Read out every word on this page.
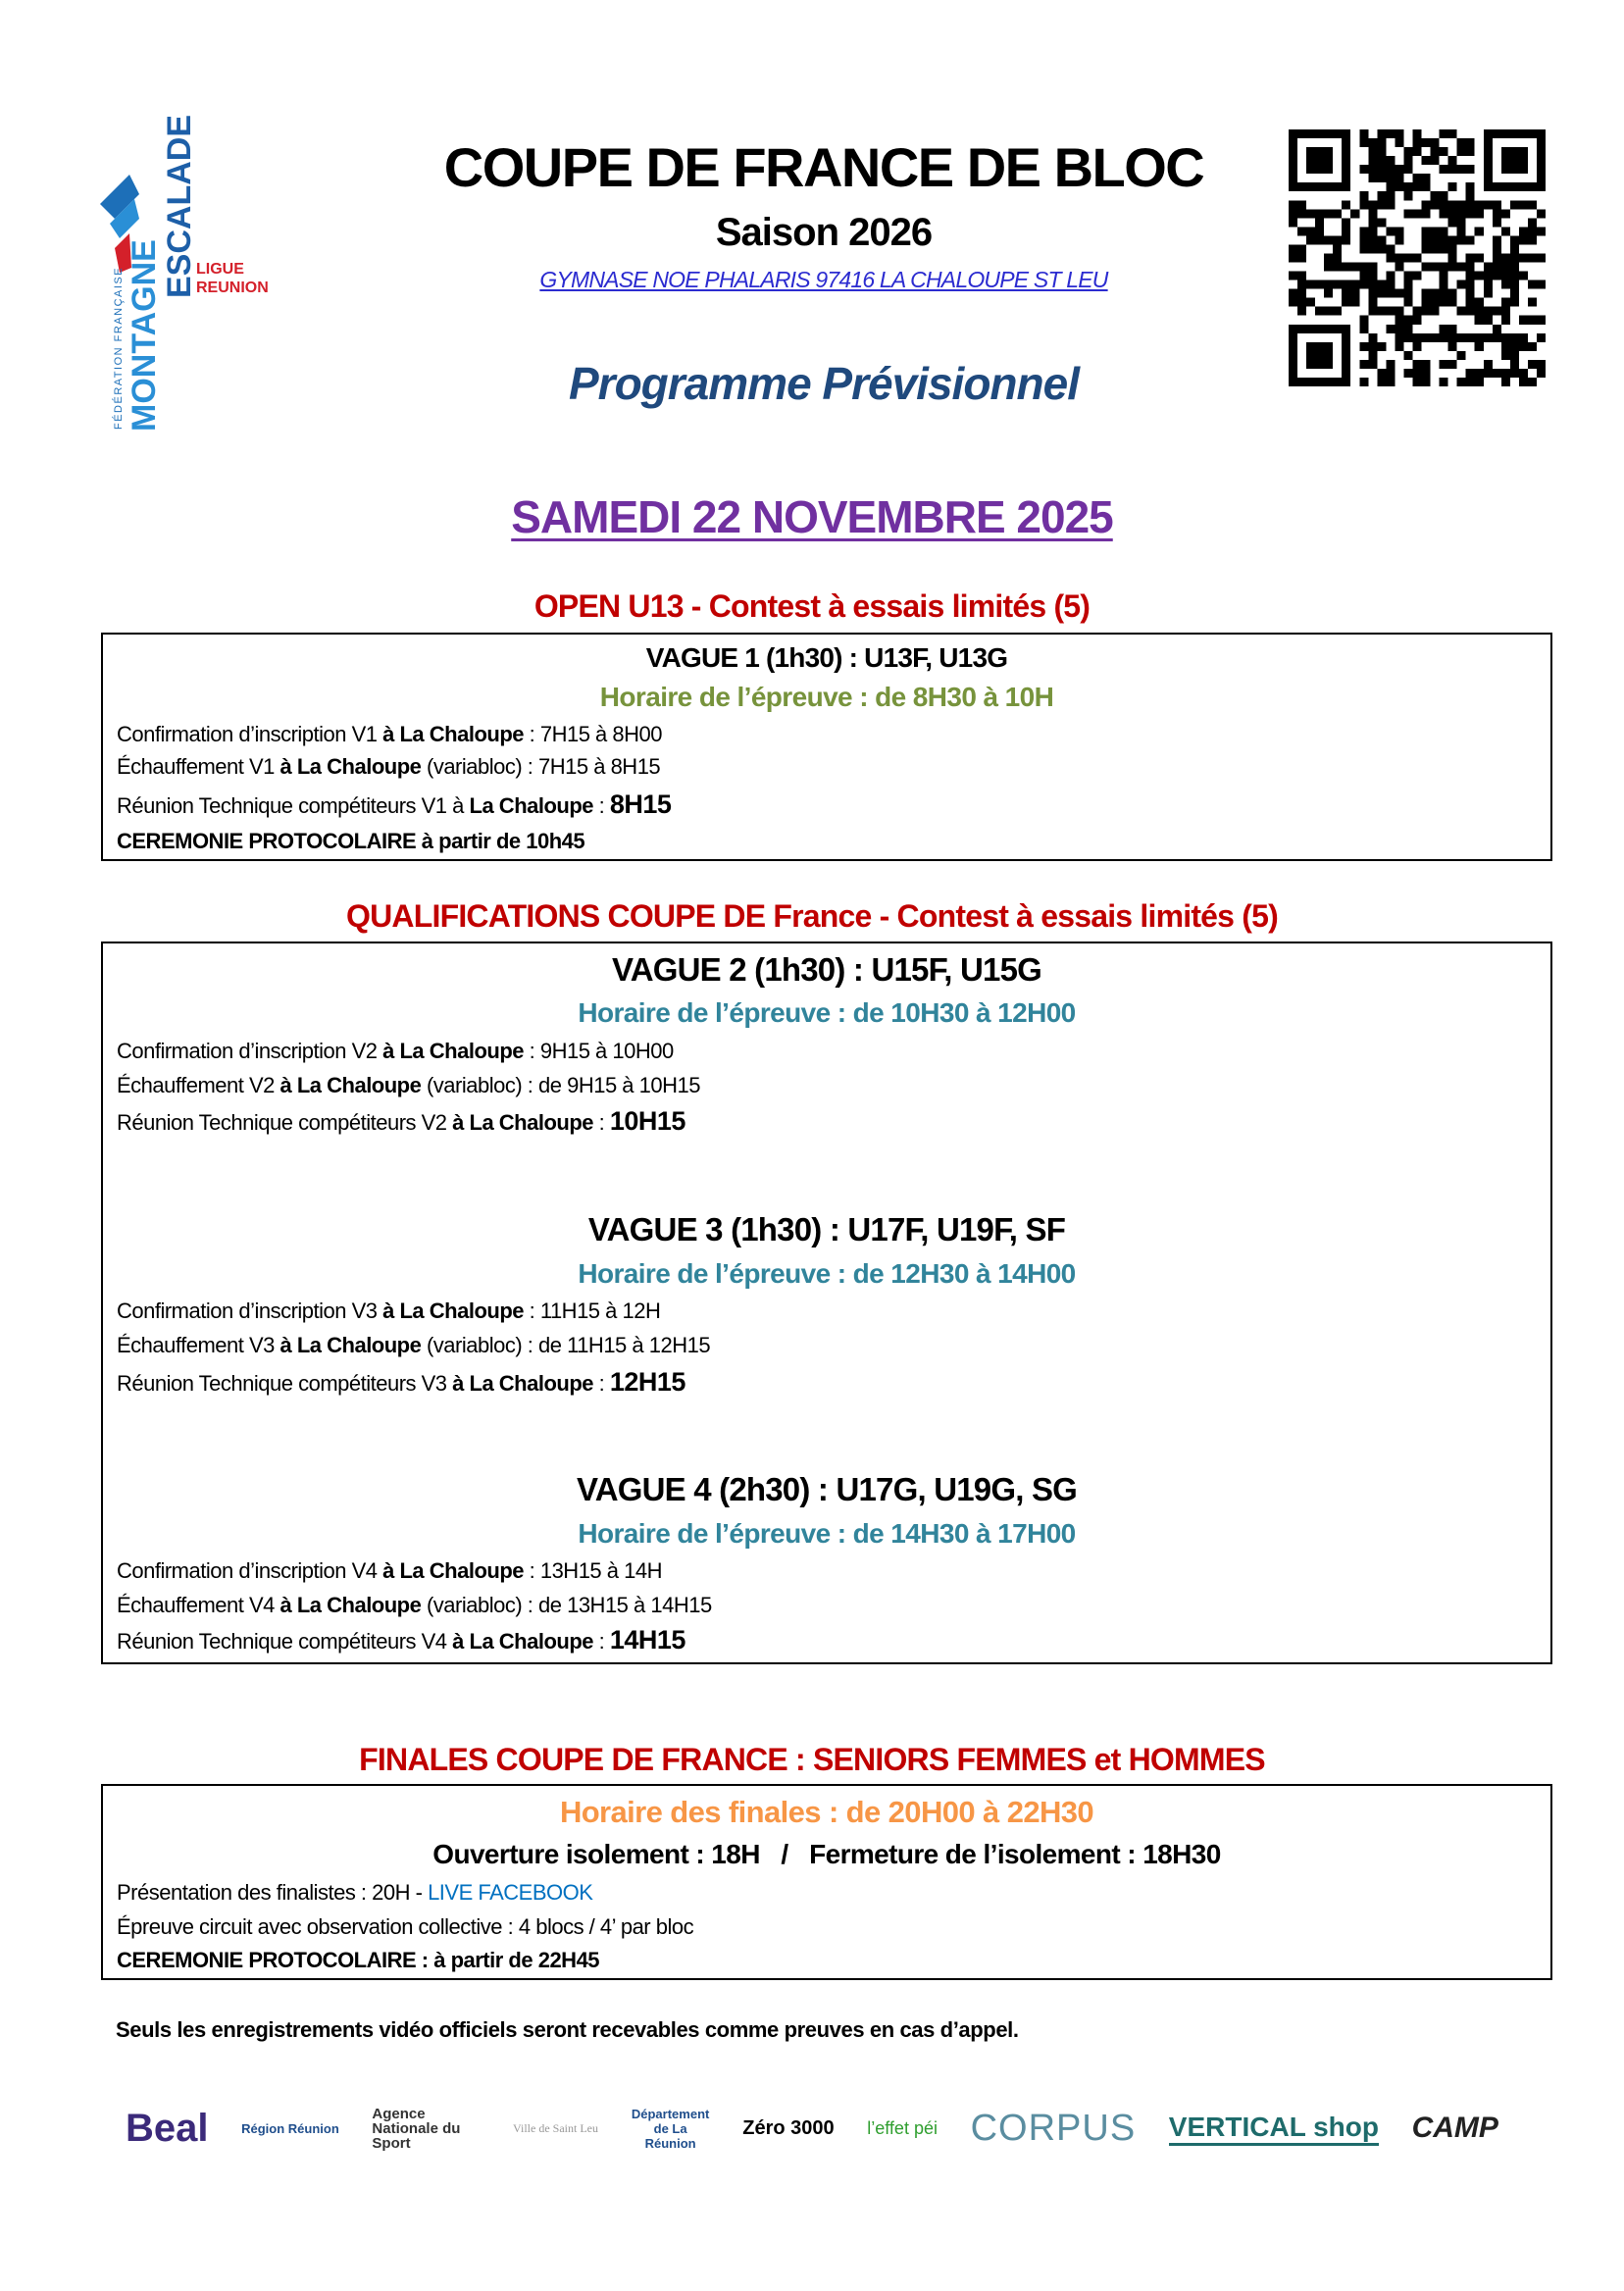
FÉDÉRATION FRANÇAISE MONTAGNE
ESCALADE
LIGUE
REUNION
COUPE DE FRANCE DE BLOC
Saison 2026
GYMNASE NOE PHALARIS 97416 LA CHALOUPE ST LEU
Programme Prévisionnel
SAMEDI 22 NOVEMBRE 2025
OPEN U13 - Contest à essais limités (5)
VAGUE 1 (1h30) : U13F, U13G
Horaire de l’épreuve : de 8H30 à 10H
Confirmation d’inscription V1 à La Chaloupe : 7H15 à 8H00
Échauffement V1 à La Chaloupe (variabloc) : 7H15 à 8H15
Réunion Technique compétiteurs V1 à La Chaloupe : 8H15
CEREMONIE PROTOCOLAIRE à partir de 10h45
QUALIFICATIONS COUPE DE France - Contest à essais limités (5)
VAGUE 2 (1h30) : U15F, U15G
Horaire de l’épreuve : de 10H30 à 12H00
Confirmation d’inscription V2 à La Chaloupe : 9H15 à 10H00
Échauffement V2 à La Chaloupe (variabloc) : de 9H15 à 10H15
Réunion Technique compétiteurs V2 à La Chaloupe : 10H15
VAGUE 3 (1h30) : U17F, U19F, SF
Horaire de l’épreuve : de 12H30 à 14H00
Confirmation d’inscription V3 à La Chaloupe : 11H15 à 12H
Échauffement V3 à La Chaloupe (variabloc) : de 11H15 à 12H15
Réunion Technique compétiteurs V3 à La Chaloupe : 12H15
VAGUE 4 (2h30) : U17G, U19G, SG
Horaire de l’épreuve : de 14H30 à 17H00
Confirmation d’inscription V4 à La Chaloupe : 13H15 à 14H
Échauffement V4 à La Chaloupe (variabloc) : de 13H15 à 14H15
Réunion Technique compétiteurs V4 à La Chaloupe : 14H15
FINALES COUPE DE FRANCE : SENIORS FEMMES et HOMMES
Horaire des finales : de 20H00 à 22H30
Ouverture isolement : 18H   /   Fermeture de l’isolement : 18H30
Présentation des finalistes : 20H - LIVE FACEBOOK
Épreuve circuit avec observation collective : 4 blocs / 4’ par bloc
CEREMONIE PROTOCOLAIRE : à partir de 22H45
Seuls les enregistrements vidéo officiels seront recevables comme preuves en cas d’appel.
Beal	Région Réunion
Agence Nationale du Sport
Ville de Saint Leu
Département de La Réunion
Zéro 3000 l’effet péi CORPUS VERTICAL shop CAMP
